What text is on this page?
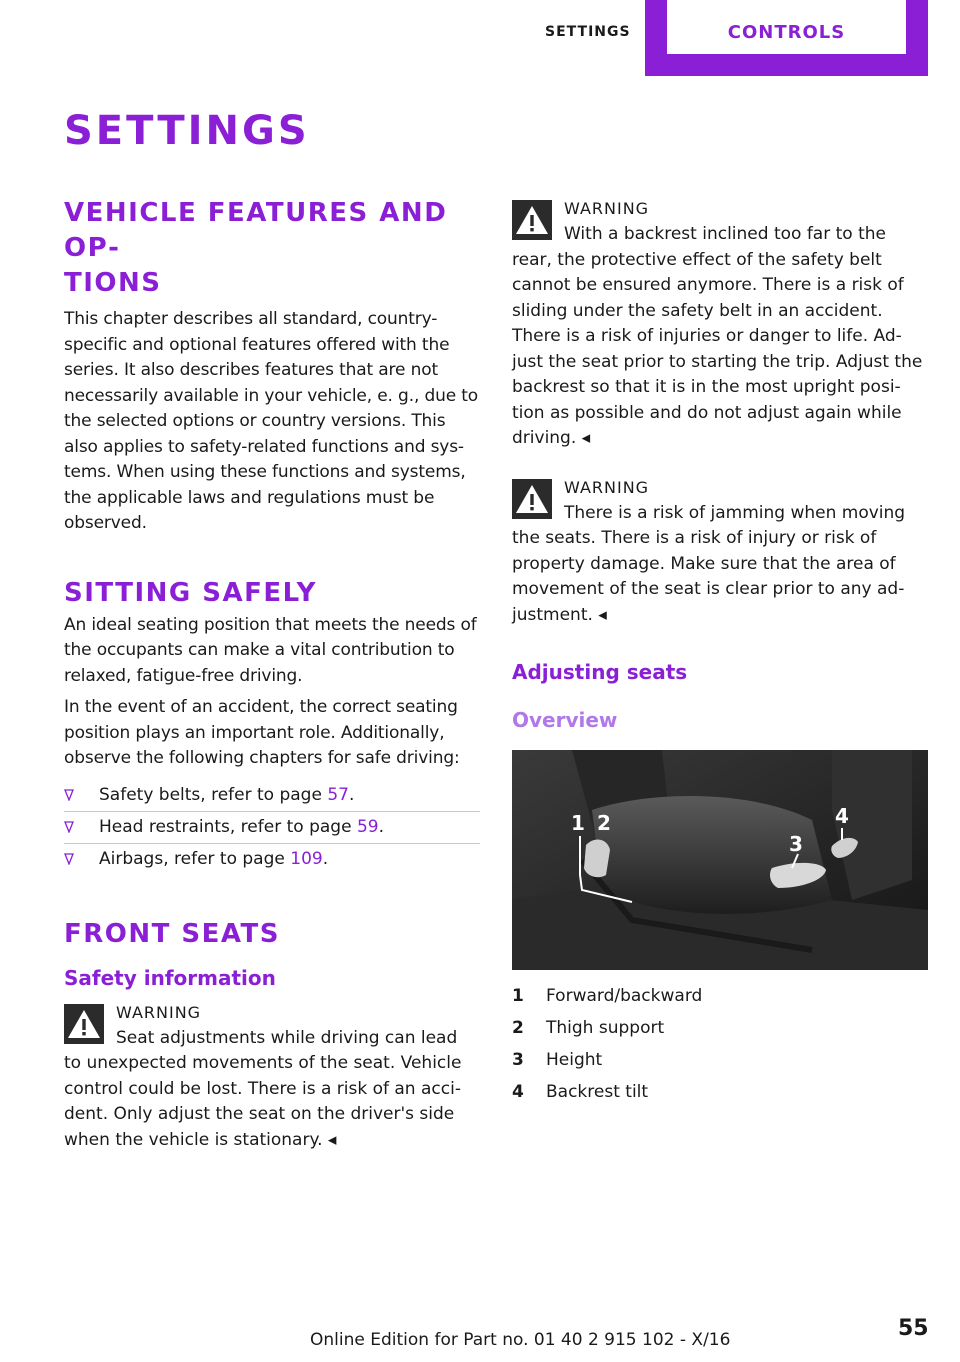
SETTINGS	CONTROLS
SETTINGS
VEHICLE FEATURES AND OP‐
TIONS

This chapter describes all standard, country-specific and optional features offered with the series. It also describes features that are not necessarily available in your vehicle, e. g., due to the selected options or country versions. This also applies to safety-related functions and sys‐tems. When using these functions and systems, the applicable laws and regulations must be observed.

SITTING SAFELY

An ideal seating position that meets the needs of the occupants can make a vital contribution to relaxed, fatigue-free driving.

In the event of an accident, the correct seating position plays an important role. Additionally, observe the following chapters for safe driving:

Safety belts, refer to page 57.
Head restraints, refer to page 59.
Airbags, refer to page 109.
FRONT SEATS
Safety information
WARNING
Seat adjustments while driving can lead
to unexpected movements of the seat. Vehicle control could be lost. There is a risk of an acci‐dent. Only adjust the seat on the driver's side when the vehicle is stationary. ◂
WARNING
With a backrest inclined too far to the
rear, the protective effect of the safety belt cannot be ensured anymore. There is a risk of sliding under the safety belt in an accident. There is a risk of injuries or danger to life. Ad‐just the seat prior to starting the trip. Adjust the backrest so that it is in the most upright posi‐tion as possible and do not adjust again while driving. ◂
WARNING
There is a risk of jamming when moving
the seats. There is a risk of injury or risk of property damage. Make sure that the area of movement of the seat is clear prior to any ad‐justment. ◂
Adjusting seats
Overview
1 2
3
4
1	Forward/backward
2	Thigh support
3	Height
4	Backrest tilt
Online Edition for Part no. 01 40 2 915 102 - X/16	55
